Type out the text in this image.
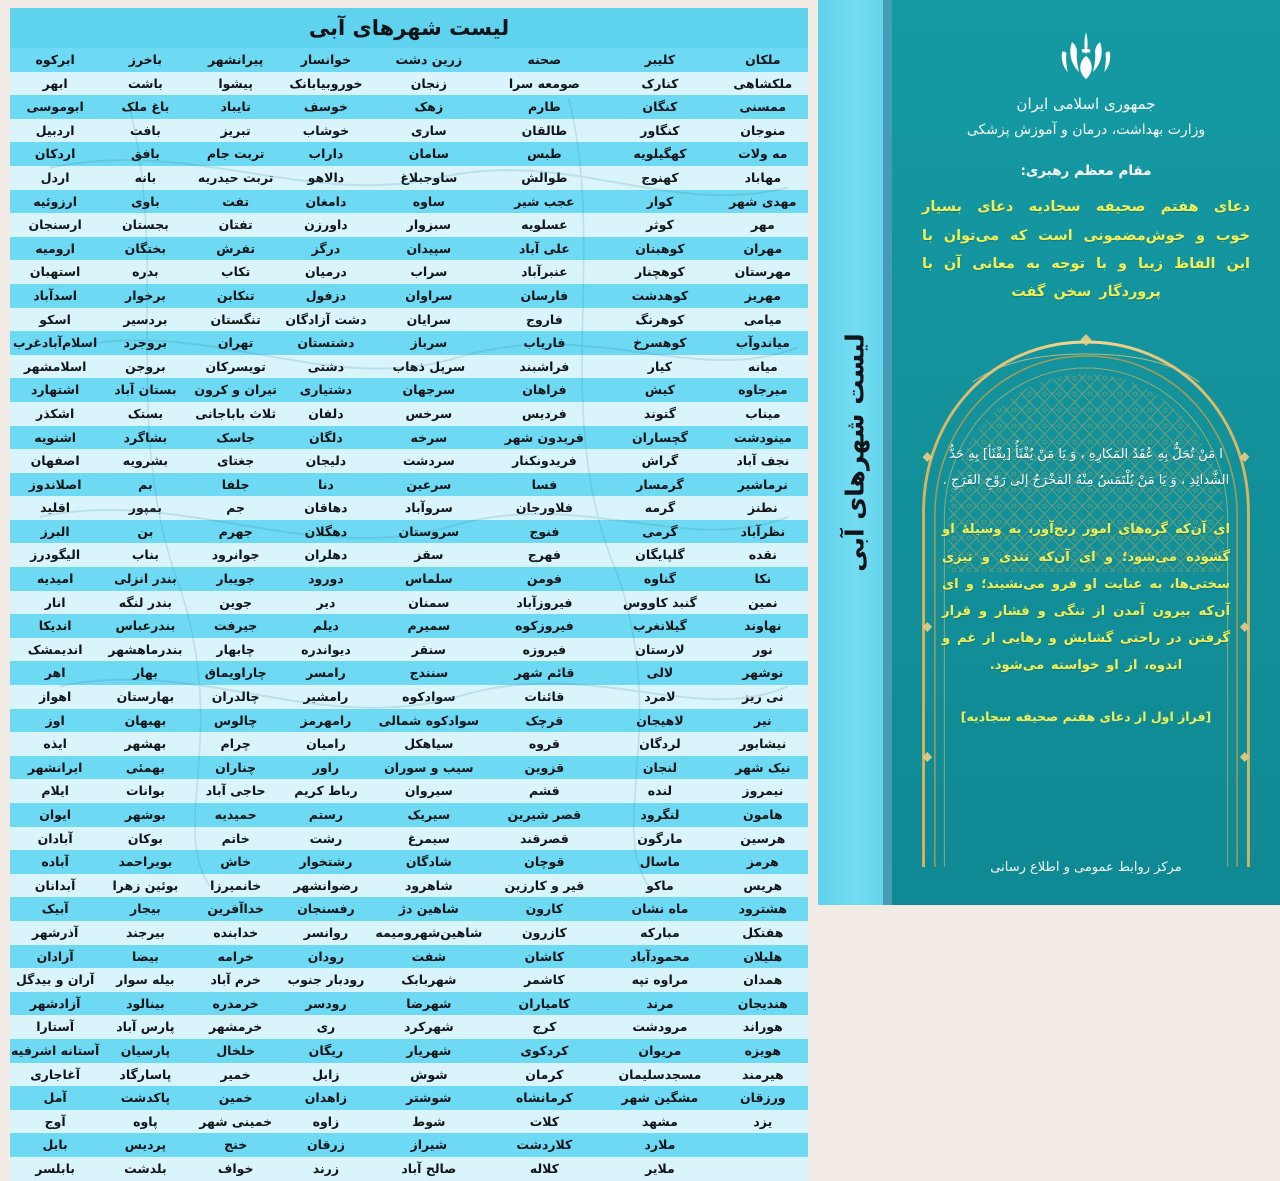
لیست شهرهای آبی
ابرکوه
ابهر
ابوموسی
اردبیل
اردکان
اردل
ارزوئیه
ارسنجان
ارومیه
استهبان
اسدآباد
اسکو
اسلام‌آبادغرب
اسلامشهر
اشتهارد
اشکذر
اشنویه
اصفهان
اصلاندوز
اقلید
البرز
الیگودرز
امیدیه
انار
اندیکا
اندیمشک
اهر
اهواز
اوز
ایذه
ایرانشهر
ایلام
ایوان
آبادان
آباده
آبدانان
آبیک
آذرشهر
آرادان
آران و بیدگل
آزادشهر
آستارا
آستانه اشرفیه
آغاجاری
آمل
آوج
بابل
بابلسر
باخرز
باشت
باغ ملک
بافت
بافق
بانه
باوی
بجستان
بختگان
بدره
برخوار
بردسیر
بروجرد
بروجن
بستان آباد
بستک
بشاگرد
بشرویه
بم
بمپور
بن
بناب
بندر انزلی
بندر لنگه
بندرعباس
بندرماهشهر
بهار
بهارستان
بهبهان
بهشهر
بهمئی
بوانات
بوشهر
بوکان
بویراحمد
بوئین زهرا
بیجار
بیرجند
بیضا
بیله سوار
بینالود
پارس آباد
پارسیان
پاسارگاد
پاکدشت
پاوه
پردیس
بلدشت
پیرانشهر
پیشوا
تایباد
تبریز
تربت جام
تربت حیدریه
تفت
تفتان
تفرش
تکاب
تنکابن
تنگستان
تهران
تویسرکان
تیران و کرون
ثلاث باباجانی
جاسک
جغتای
جلفا
جم
جهرم
جوانرود
جویبار
جوین
جیرفت
چابهار
چاراویماق
چالدران
چالوس
چرام
چناران
حاجی آباد
حمیدیه
خاتم
خاش
خانمیرزا
خداآفرین
خدابنده
خرامه
خرم آباد
خرمدره
خرمشهر
خلخال
خمیر
خمین
خمینی شهر
خنج
خواف
خوانسار
خوروبیابانک
خوسف
خوشاب
داراب
دالاهو
دامغان
داورزن
درگز
درمیان
دزفول
دشت آزادگان
دشتستان
دشتی
دشتیاری
دلفان
دلگان
دلیجان
دنا
دهاقان
دهگلان
دهلران
دورود
دیر
دیلم
دیواندره
رامسر
رامشیر
رامهرمز
رامیان
راور
رباط کریم
رستم
رشت
رشتخوار
رضوانشهر
رفسنجان
روانسر
رودان
رودبار جنوب
رودسر
ری
ریگان
زابل
زاهدان
زاوه
زرقان
زرند
زرین دشت
زنجان
زهک
ساری
سامان
ساوجبلاغ
ساوه
سبزوار
سپیدان
سراب
سراوان
سرایان
سرباز
سرپل ذهاب
سرجهان
سرخس
سرخه
سردشت
سرعین
سروآباد
سروستان
سقز
سلماس
سمنان
سمیرم
سنقر
سنندج
سوادکوه
سوادکوه شمالی
سیاهکل
سیب و سوران
سیروان
سیریک
سیمرغ
شادگان
شاهرود
شاهین دژ
شاهین‌شهرومیمه
شفت
شهربابک
شهرضا
شهرکرد
شهریار
شوش
شوشتر
شوط
شیراز
صالح آباد
صحنه
صومعه سرا
طارم
طالقان
طبس
طوالش
عجب شیر
عسلویه
علی آباد
عنبرآباد
فارسان
فاروج
فاریاب
فراشبند
فراهان
فردیس
فریدون شهر
فریدونکنار
فسا
فلاورجان
فنوج
فهرج
فومن
فیروزآباد
فیروزکوه
فیروزه
قائم شهر
قائنات
قرچک
قروه
قزوین
قشم
قصر شیرین
قصرقند
قوچان
قیر و کارزین
کارون
کازرون
کاشان
کاشمر
کامیاران
کرج
کردکوی
کرمان
کرمانشاه
کلات
کلاردشت
کلاله
کلیبر
کنارک
کنگان
کنگاور
کهگیلویه
کهنوج
کوار
کوثر
کوهبنان
کوهچنار
کوهدشت
کوهرنگ
کوهسرخ
کیار
کیش
گتوند
گچساران
گراش
گرمسار
گرمه
گرمی
گلپایگان
گناوه
گنبد کاووس
گیلانغرب
لارستان
لالی
لامرد
لاهیجان
لردگان
لنجان
لنده
لنگرود
مارگون
ماسال
ماکو
ماه نشان
مبارکه
محمودآباد
مراوه تپه
مرند
مرودشت
مریوان
مسجدسلیمان
مشگین شهر
مشهد
ملارد
ملایر
ملکان
ملکشاهی
ممسنی
منوجان
مه ولات
مهاباد
مهدی شهر
مهر
مهران
مهرستان
مهریز
میامی
میاندوآب
میانه
میرجاوه
میناب
مینودشت
نجف آباد
نرماشیر
نطنز
نظرآباد
نقده
نکا
نمین
نهاوند
نور
نوشهر
نی ریز
نیر
نیشابور
نیک شهر
نیمروز
هامون
هرسین
هرمز
هریس
هشترود
هفتکل
هلیلان
همدان
هندیجان
هوراند
هویزه
هیرمند
ورزقان
یزد
لیست شهرهای آبی
جمهوری اسلامی ایران
وزارت بهداشت، درمان و آموزش پزشکی
مقام معظم رهبری:
دعای هفتم صحیفه سجادیه دعای بسیار خوب و خوش‌مضمونی است که می‌توان با این الفاظ زیبا و با توجه به معانی آن با پروردگار سخن گفت
ا مَنْ تُحَلُّ بِهِ عُقَدُ المَکارِهِ ، وَ یَا مَنْ یُفْثَأُ [یفْثَأ] بِهِ حَدُّ الشَّدائِدِ ، وَ یَا مَنْ یُلْتَمَسُ مِنْهُ المَخْرَجُ إلى رَوْحِ الفَرَجِ .
ای آن‌که گره‌های امور رنج‌آور، به وسیلهٔ او گشوده می‌شود؛ و ای آن‌که تندی و تیزی سختی‌ها، به عنایت او فرو می‌نشیند؛ و ای آن‌که بیرون آمدن از تنگی و فشار و قرار گرفتن در راحتی گشایش و رهایی از غم و اندوه، از او خواسته می‌شود.
[فراز اول از دعای هفتم صحیفه سجادیه]
مرکز روابط عمومی و اطلاع رسانی
